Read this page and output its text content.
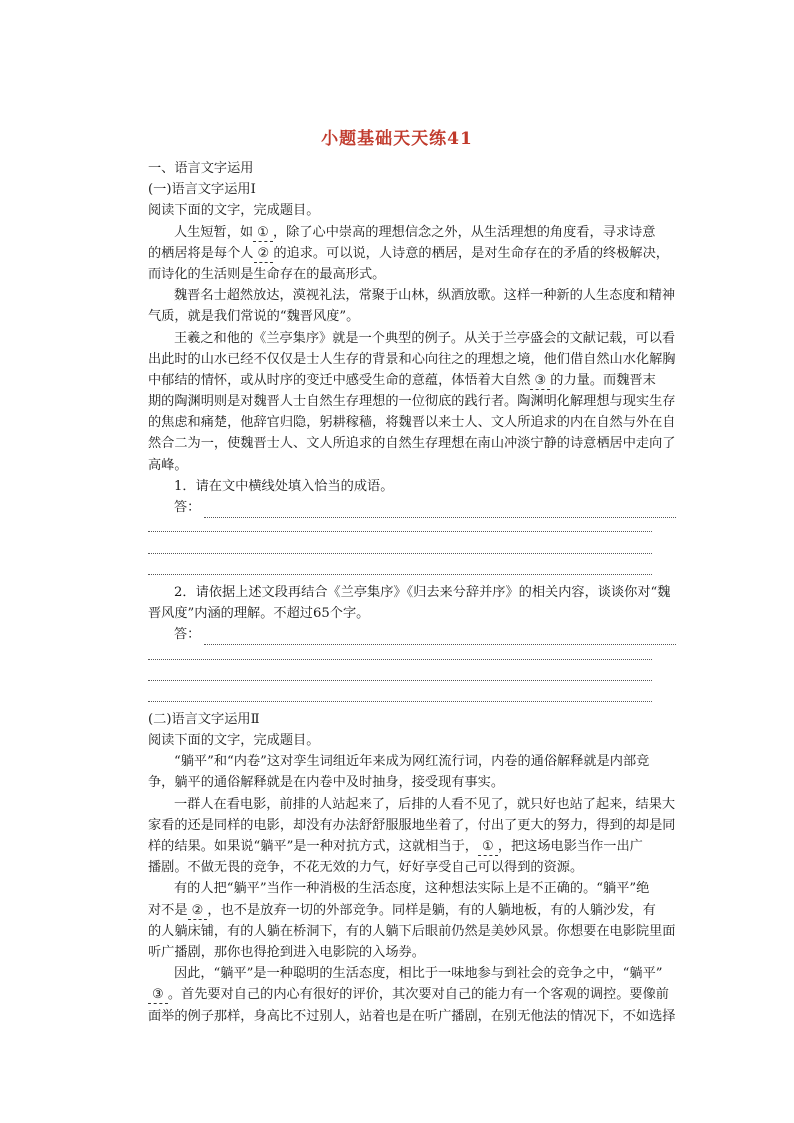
小题基础天天练41
一、语言文字运用
(一)语言文字运用Ⅰ
阅读下面的文字，完成题目。
人生短暂，如 ① ，除了心中崇高的理想信念之外，从生活理想的角度看，寻求诗意
的栖居将是每个人 ② 的追求。可以说，人诗意的栖居，是对生命存在的矛盾的终极解决，
而诗化的生活则是生命存在的最高形式。
魏晋名士超然放达，漠视礼法，常聚于山林，纵酒放歌。这样一种新的人生态度和精神
气质，就是我们常说的“魏晋风度”。
王羲之和他的《兰亭集序》就是一个典型的例子。从关于兰亭盛会的文献记载，可以看
出此时的山水已经不仅仅是士人生存的背景和心向往之的理想之境，他们借自然山水化解胸
中郁结的情怀，或从时序的变迁中感受生命的意蕴，体悟着大自然 ③ 的力量。而魏晋末
期的陶渊明则是对魏晋人士自然生存理想的一位彻底的践行者。陶渊明化解理想与现实生存
的焦虑和痛楚，他辞官归隐，躬耕稼穑，将魏晋以来士人、文人所追求的内在自然与外在自
然合二为一，使魏晋士人、文人所追求的自然生存理想在南山冲淡宁静的诗意栖居中走向了
高峰。
1．请在文中横线处填入恰当的成语。
答：
2．请依据上述文段再结合《兰亭集序》《归去来兮辞并序》的相关内容，谈谈你对“魏
晋风度”内涵的理解。不超过65个字。
答：
(二)语言文字运用Ⅱ
阅读下面的文字，完成题目。
“躺平”和“内卷”这对孪生词组近年来成为网红流行词，内卷的通俗解释就是内部竞
争，躺平的通俗解释就是在内卷中及时抽身，接受现有事实。
一群人在看电影，前排的人站起来了，后排的人看不见了，就只好也站了起来，结果大
家看的还是同样的电影，却没有办法舒舒服服地坐着了，付出了更大的努力，得到的却是同
样的结果。如果说“躺平”是一种对抗方式，这就相当于， ① ，把这场电影当作一出广
播剧。不做无畏的竞争，不花无效的力气，好好享受自己可以得到的资源。
有的人把“躺平”当作一种消极的生活态度，这种想法实际上是不正确的。“躺平”绝
对不是 ② ，也不是放弃一切的外部竞争。同样是躺，有的人躺地板，有的人躺沙发，有
的人躺床铺，有的人躺在桥洞下，有的人躺下后眼前仍然是美妙风景。你想要在电影院里面
听广播剧，那你也得抢到进入电影院的入场券。
因此，“躺平”是一种聪明的生活态度，相比于一味地参与到社会的竞争之中，“躺平”
③ 。首先要对自己的内心有很好的评价，其次要对自己的能力有一个客观的调控。要像前
面举的例子那样，身高比不过别人，站着也是在听广播剧，在别无他法的情况下，不如选择
